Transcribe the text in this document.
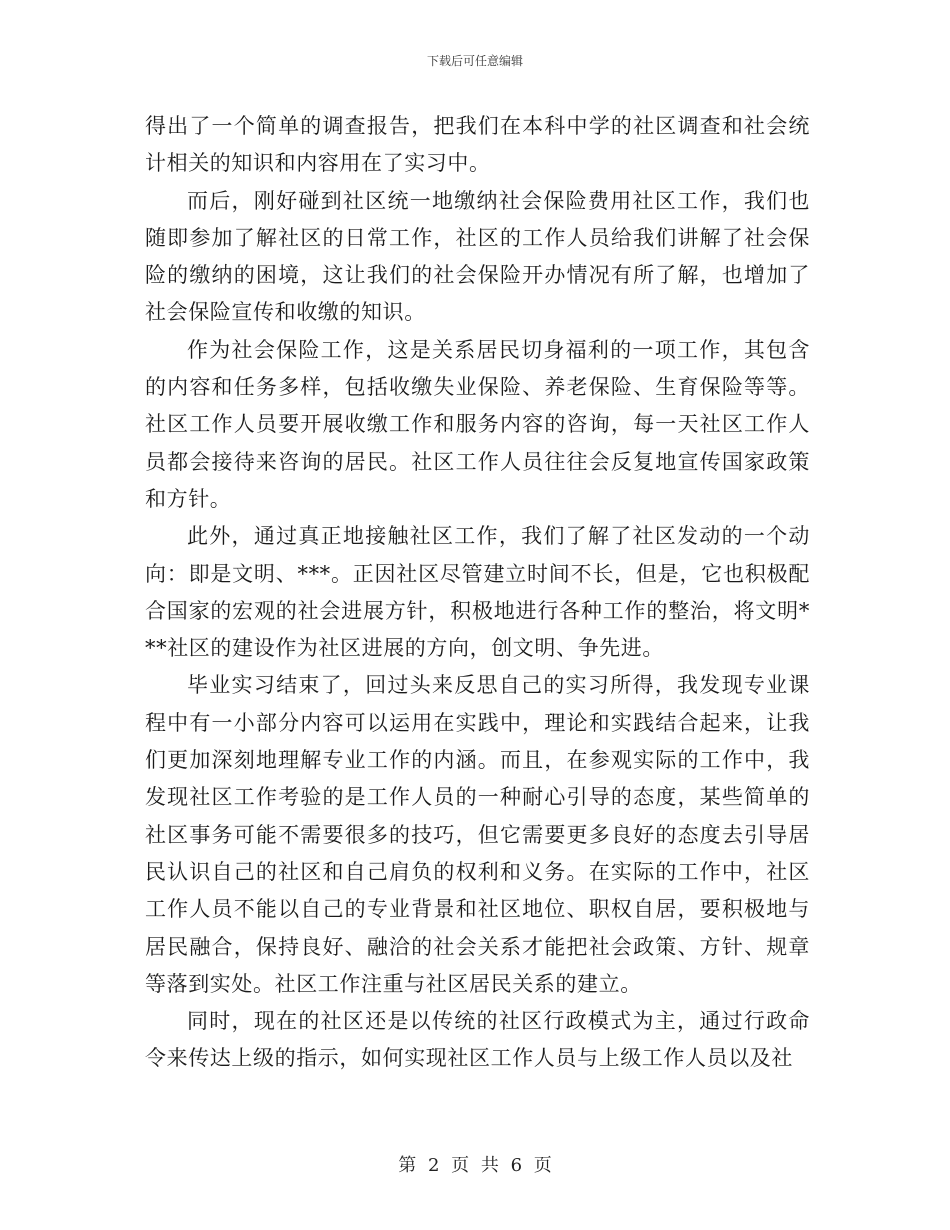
下载后可任意编辑

得出了一个简单的调查报告，把我们在本科中学的社区调查和社会统计相关的知识和内容用在了实习中。

而后，刚好碰到社区统一地缴纳社会保险费用社区工作，我们也随即参加了解社区的日常工作，社区的工作人员给我们讲解了社会保险的缴纳的困境，这让我们的社会保险开办情况有所了解，也增加了社会保险宣传和收缴的知识。

作为社会保险工作，这是关系居民切身福利的一项工作，其包含的内容和任务多样，包括收缴失业保险、养老保险、生育保险等等。社区工作人员要开展收缴工作和服务内容的咨询，每一天社区工作人员都会接待来咨询的居民。社区工作人员往往会反复地宣传国家政策和方针。

此外，通过真正地接触社区工作，我们了解了社区发动的一个动向：即是文明、***。正因社区尽管建立时间不长，但是，它也积极配合国家的宏观的社会进展方针，积极地进行各种工作的整治，将文明***社区的建设作为社区进展的方向，创文明、争先进。

毕业实习结束了，回过头来反思自己的实习所得，我发现专业课程中有一小部分内容可以运用在实践中，理论和实践结合起来，让我们更加深刻地理解专业工作的内涵。而且，在参观实际的工作中，我发现社区工作考验的是工作人员的一种耐心引导的态度，某些简单的社区事务可能不需要很多的技巧，但它需要更多良好的态度去引导居民认识自己的社区和自己肩负的权利和义务。在实际的工作中，社区工作人员不能以自己的专业背景和社区地位、职权自居，要积极地与居民融合，保持良好、融洽的社会关系才能把社会政策、方针、规章等落到实处。社区工作注重与社区居民关系的建立。

同时，现在的社区还是以传统的社区行政模式为主，通过行政命令来传达上级的指示，如何实现社区工作人员与上级工作人员以及社

第 2 页 共 6 页
